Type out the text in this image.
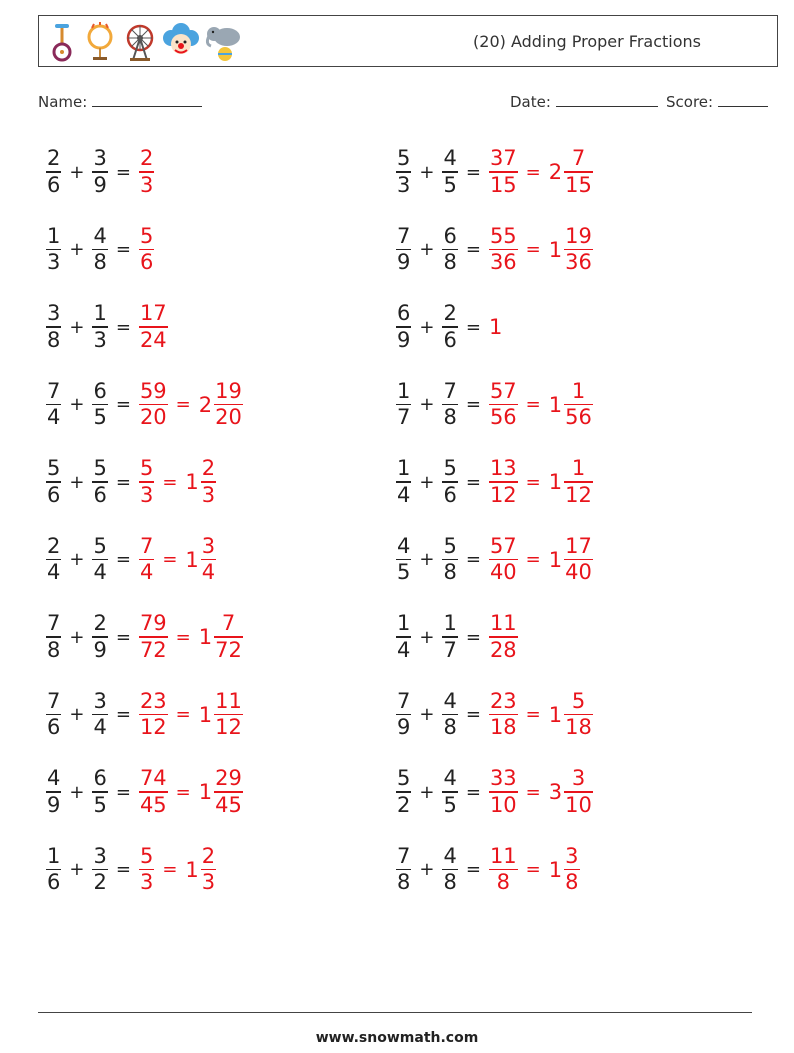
(20) Adding Proper Fractions
Name:	Date:	Score:
$\frac{2}{6} + \frac{3}{9} = \frac{2}{3}$	$\frac{5}{3} + \frac{4}{5} = \frac{37}{15} = 2 \frac{7}{15}$
$\frac{1}{3} + \frac{4}{8} = \frac{5}{6}$	$\frac{7}{9} + \frac{6}{8} = \frac{55}{36} = 1 \frac{19}{36}$
$\frac{3}{8} + \frac{1}{3} = \frac{17}{24}$	$\frac{6}{9} + \frac{2}{6} = 1$
$\frac{7}{4} + \frac{6}{5} = \frac{59}{20} = 2 \frac{19}{20}$	$\frac{1}{7} + \frac{7}{8} = \frac{57}{56} = 1 \frac{1}{56}$
$\frac{5}{6} + \frac{5}{6} = \frac{5}{3} = 1 \frac{2}{3}$	$\frac{1}{4} + \frac{5}{6} = \frac{13}{12} = 1 \frac{1}{12}$
$\frac{2}{4} + \frac{5}{4} = \frac{7}{4} = 1 \frac{3}{4}$	$\frac{4}{5} + \frac{5}{8} = \frac{57}{40} = 1 \frac{17}{40}$
$\frac{7}{8} + \frac{2}{9} = \frac{79}{72} = 1 \frac{7}{72}$	$\frac{1}{4} + \frac{1}{7} = \frac{11}{28}$
$\frac{7}{6} + \frac{3}{4} = \frac{23}{12} = 1 \frac{11}{12}$	$\frac{7}{9} + \frac{4}{8} = \frac{23}{18} = 1 \frac{5}{18}$
$\frac{4}{9} + \frac{6}{5} = \frac{74}{45} = 1 \frac{29}{45}$	$\frac{5}{2} + \frac{4}{5} = \frac{33}{10} = 3 \frac{3}{10}$
$\frac{1}{6} + \frac{3}{2} = \frac{5}{3} = 1 \frac{2}{3}$	$\frac{7}{8} + \frac{4}{8} = \frac{11}{8} = 1 \frac{3}{8}$
www.snowmath.com
